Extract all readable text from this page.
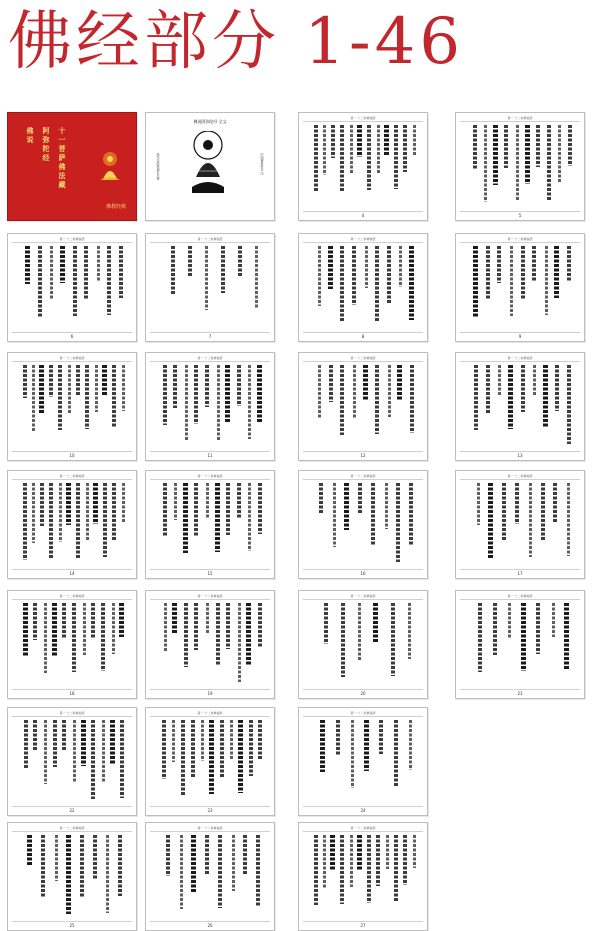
佛经部分 1-46
十一菩萨佛法藏
阿弥陀经
佛说
佛教经典
佛说阿弥陀经 全文
南无本师释迦牟尼佛	中国佛教协会 印
第一 十二卷佛说经
4
第一 十二卷佛说经
5
第一 十二卷佛说经
6
第一 十二卷佛说经
7
第一 十二卷佛说经
8
第一 十二卷佛说经
9
第一 十二卷佛说经
10
第一 十二卷佛说经
11
第一 十二卷佛说经
12
第一 十二卷佛说经
13
第一 十二卷佛说经
14
第一 十二卷佛说经
15
第一 十二卷佛说经
16
第一 十二卷佛说经
17
第一 十二卷佛说经
18
第一 十二卷佛说经
19
第一 十二卷佛说经
20
第一 十二卷佛说经
21
第一 十二卷佛说经
22
第一 十二卷佛说经
23
第一 十二卷佛说经
24
第一 十二卷佛说经
25
第一 十二卷佛说经
26
第一 十二卷佛说经
27
